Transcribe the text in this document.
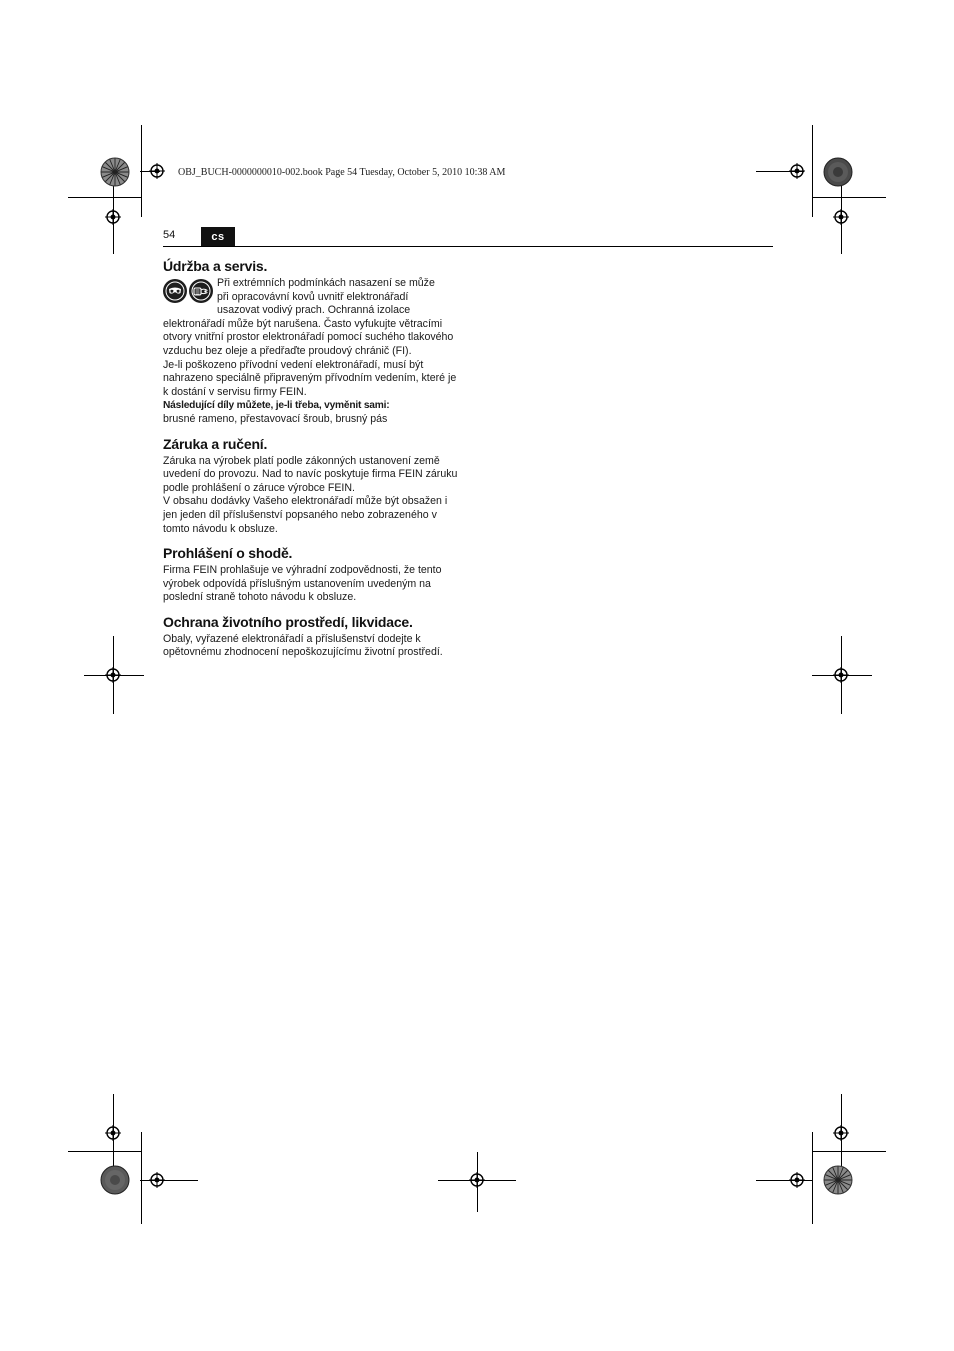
OBJ_BUCH-0000000010-002.book Page 54 Tuesday, October 5, 2010 10:38 AM
54	cs
Údržba a servis.

Při extrémních podmínkách nasazení se může

při opracovávní kovů uvnitř elektronářadí

usazovat vodivý prach. Ochranná izolace

elektronářadí může být narušena. Často vyfukujte větracími otvory vnitřní prostor elektronářadí pomocí suchého tlakového vzduchu bez oleje a předřaďte proudový chránič (FI).

Je-li poškozeno přívodní vedení elektronářadí, musí být nahrazeno speciálně připraveným přívodním vedením, které je k dostání v servisu firmy FEIN.

Následující díly můžete, je-li třeba, vyměnit sami:

brusné rameno, přestavovací šroub, brusný pás

Záruka a ručení.

Záruka na výrobek platí podle zákonných ustanovení země uvedení do provozu. Nad to navíc poskytuje firma FEIN záruku podle prohlášení o záruce výrobce FEIN.

V obsahu dodávky Vašeho elektronářadí může být obsažen i jen jeden díl příslušenství popsaného nebo zobrazeného v tomto návodu k obsluze.

Prohlášení o shodě.

Firma FEIN prohlašuje ve výhradní zodpovědnosti, že tento výrobek odpovídá příslušným ustanovením uvedeným na poslední straně tohoto návodu k obsluze.

Ochrana životního prostředí, likvidace.

Obaly, vyřazené elektronářadí a příslušenství dodejte k opětovnému zhodnocení nepoškozujícímu životní prostředí.
